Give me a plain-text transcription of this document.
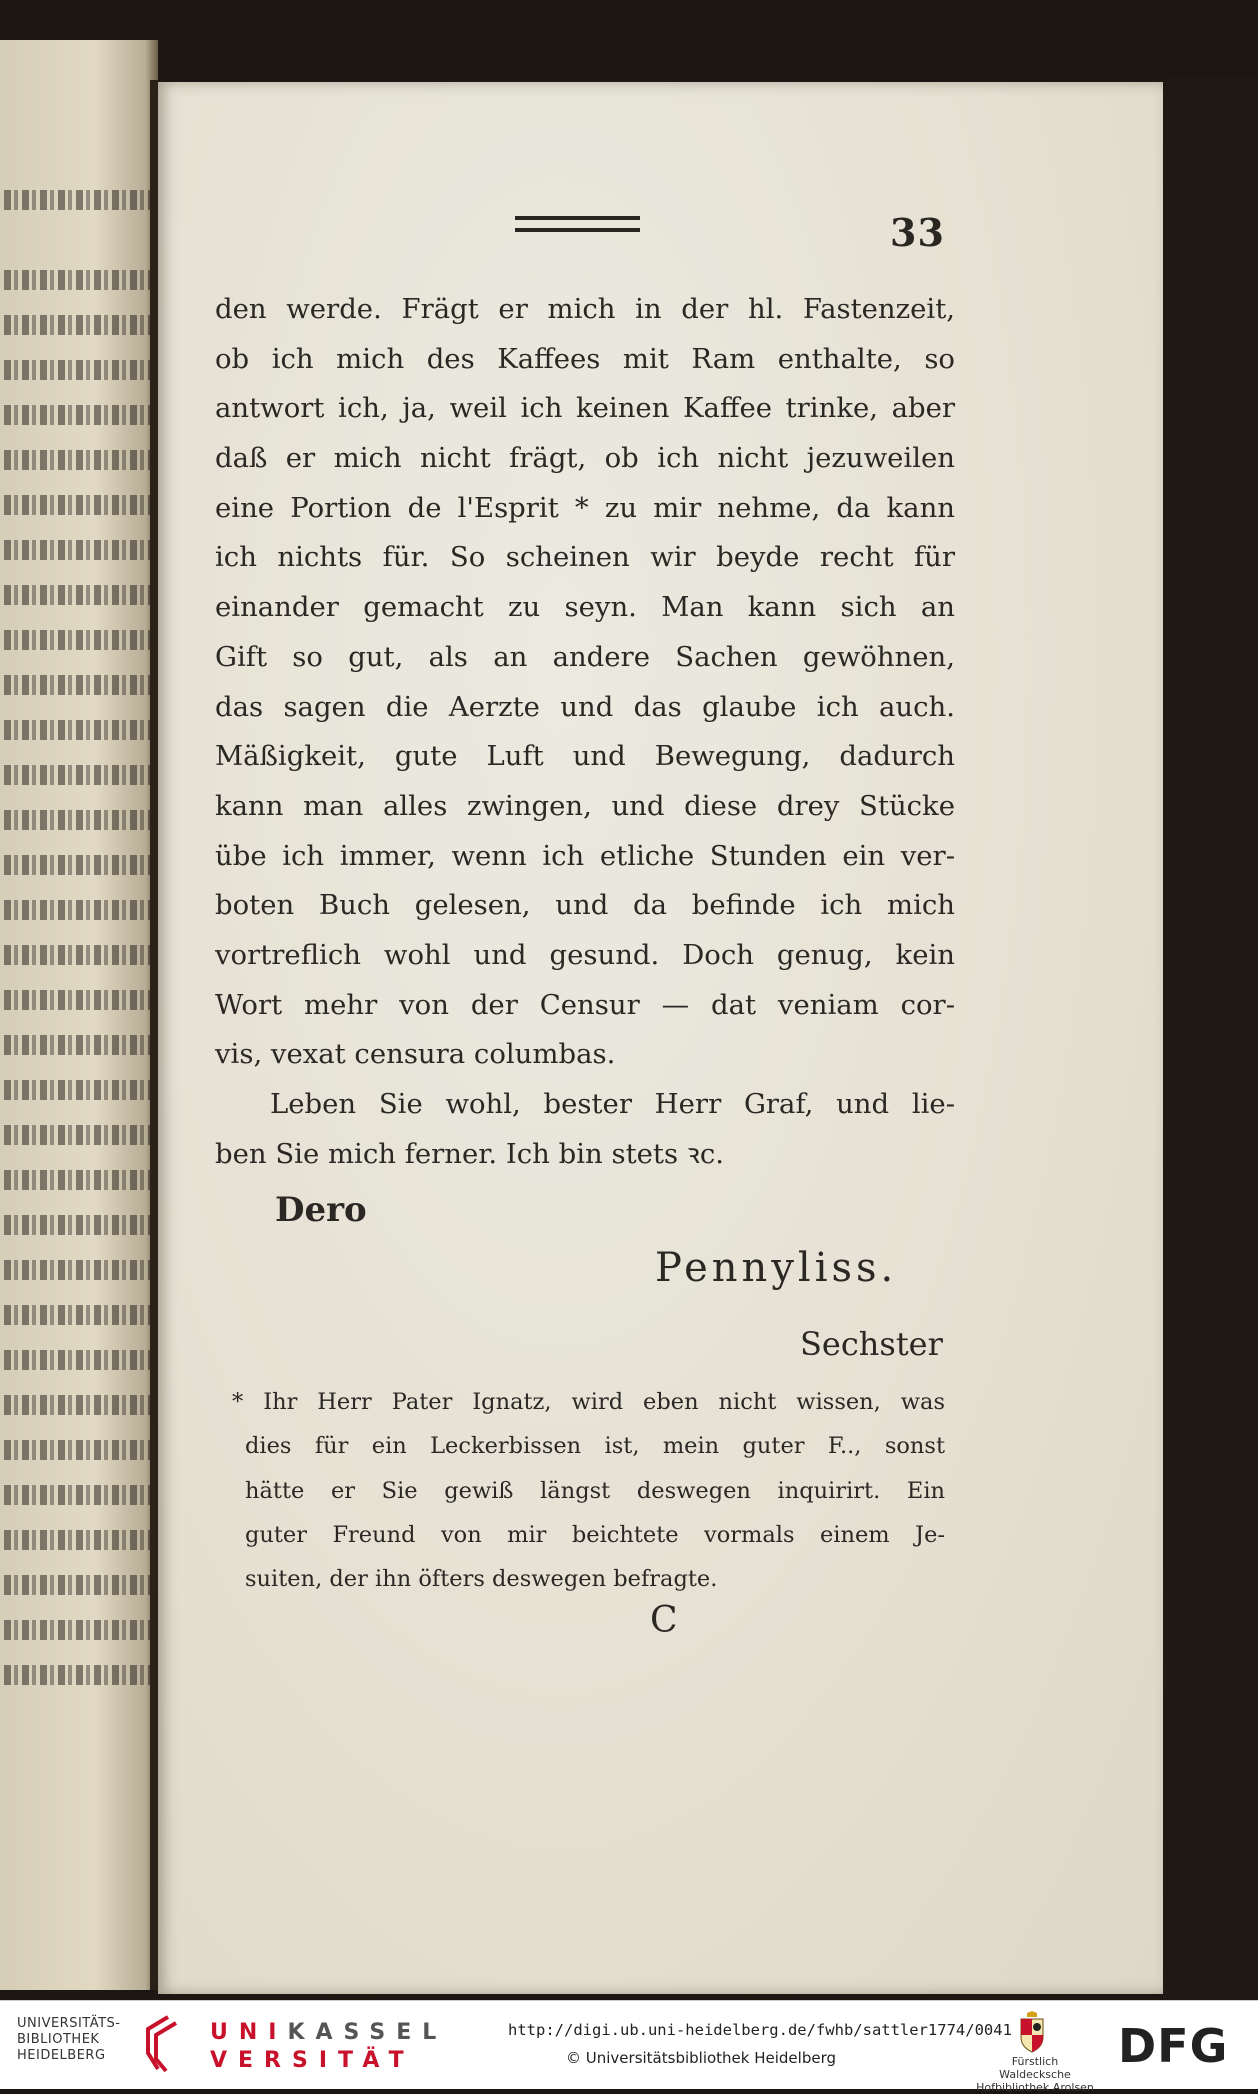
33
den werde. Frägt er mich in der hl. Fastenzeit,
ob ich mich des Kaffees mit Ram enthalte, so
antwort ich, ja, weil ich keinen Kaffee trinke, aber
daß er mich nicht frägt, ob ich nicht jezuweilen
eine Portion de l'Esprit * zu mir nehme, da kann
ich nichts für. So scheinen wir beyde recht für
einander gemacht zu seyn. Man kann sich an
Gift so gut, als an andere Sachen gewöhnen,
das sagen die Aerzte und das glaube ich auch.
Mäßigkeit, gute Luft und Bewegung, dadurch
kann man alles zwingen, und diese drey Stücke
übe ich immer, wenn ich etliche Stunden ein ver-
boten Buch gelesen, und da befinde ich mich
vortreflich wohl und gesund. Doch genug, kein
Wort mehr von der Censur — dat veniam cor-
vis, vexat censura columbas.
Leben Sie wohl, bester Herr Graf, und lie-
ben Sie mich ferner. Ich bin stets ꝛc.
Dero
Pennyliss.
Sechster
* Ihr Herr Pater Ignatz, wird eben nicht wissen, was
dies für ein Leckerbissen ist, mein guter F.., sonst
hätte er Sie gewiß längst deswegen inquirirt. Ein
guter Freund von mir beichtete vormals einem Je-
suiten, der ihn öfters deswegen befragte.
C
UNIVERSITÄTS-
BIBLIOTHEK
HEIDELBERG
UNIKASSEL
VERSITÄT
http://digi.ub.uni-heidelberg.de/fwhb/sattler1774/0041
© Universitätsbibliothek Heidelberg	Fürstlich Waldecksche
Hofbibliothek Arolsen
DFG
